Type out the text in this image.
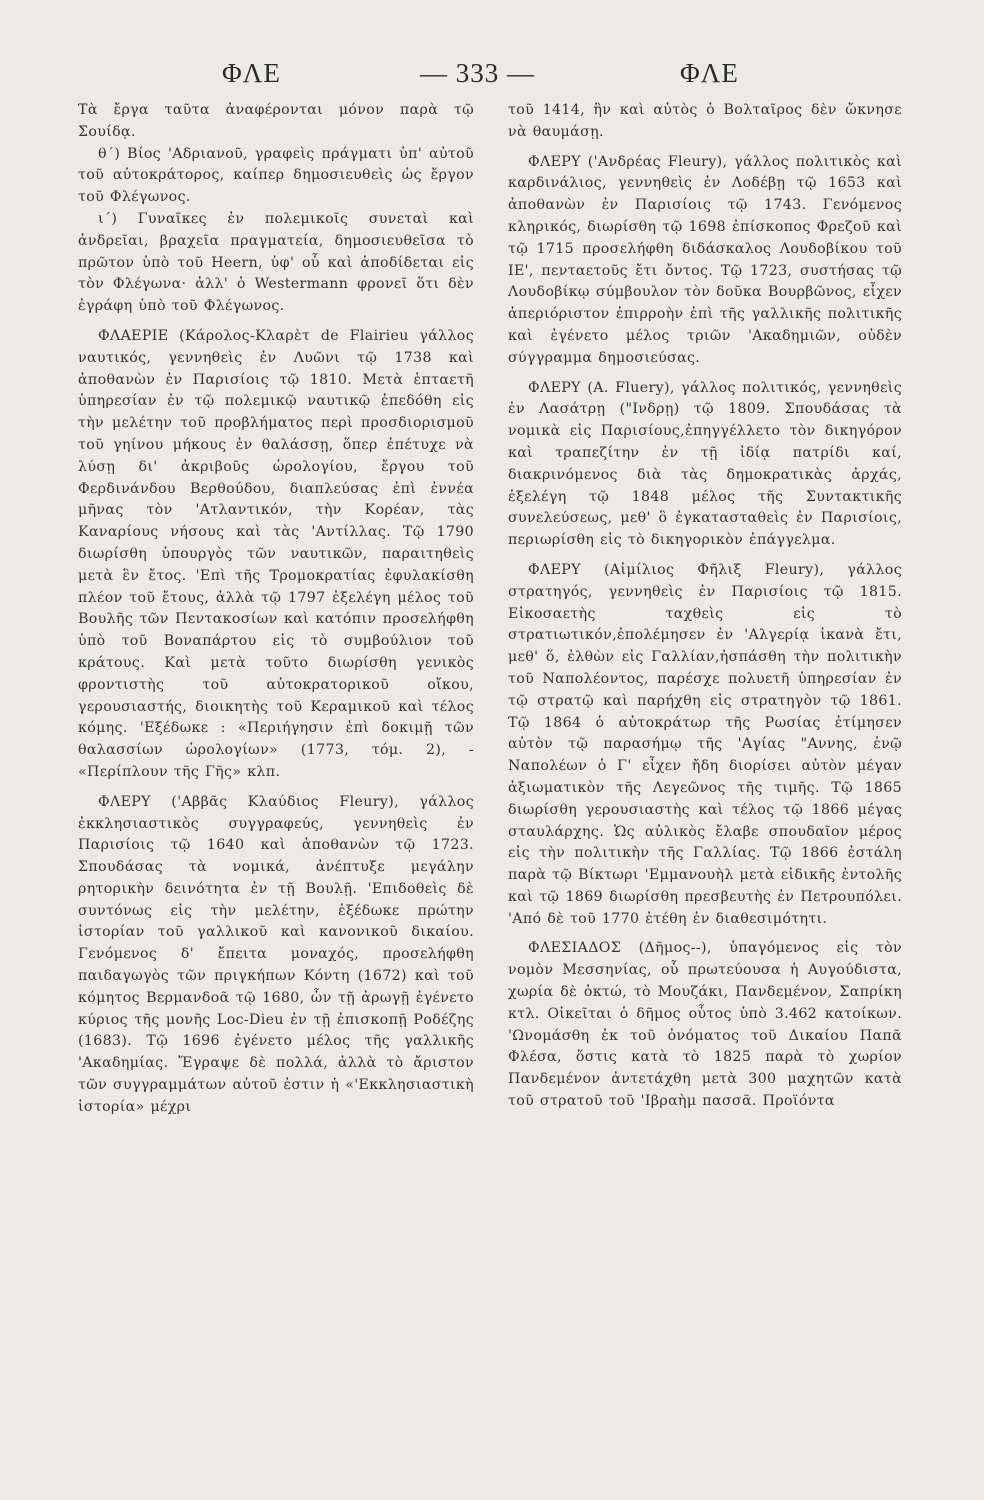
ΦΛΕ	— 333 —	ΦΛΕ

Τὰ ἔργα ταῦτα ἀναφέρονται μόνον παρὰ τῷ Σουίδᾳ.

θ΄) Βίος 'Αδριανοῦ, γραφεὶς πράγματι ὑπ' αὐτοῦ τοῦ αὐτοκράτορος, καίπερ δημοσιευθεὶς ὡς ἔργον τοῦ Φλέγωνος.

ι΄) Γυναῖκες ἐν πολεμικοῖς συνεταὶ καὶ ἀνδρεῖαι, βραχεῖα πραγματεία, δημοσιευθεῖσα τὸ πρῶτον ὑπὸ τοῦ Heern, ὑφ' οὗ καὶ ἀποδίδεται εἰς τὸν Φλέγωνα· ἀλλ' ὁ Westermann φρονεῖ ὅτι δὲν ἐγράφη ὑπὸ τοῦ Φλέγωνος.

ΦΛΑΕΡΙΕ (Κάρολος-Κλαρὲτ de Flairieu γάλλος ναυτικός, γεννηθεὶς ἐν Λυῶνι τῷ 1738 καὶ ἀποθανὼν ἐν Παρισίοις τῷ 1810. Μετὰ ἑπταετῆ ὑπηρεσίαν ἐν τῷ πολεμικῷ ναυτικῷ ἐπεδόθη εἰς τὴν μελέτην τοῦ προβλήματος περὶ προσδιορισμοῦ τοῦ γηίνου μήκους ἐν θαλάσσῃ, ὅπερ ἐπέτυχε νὰ λύσῃ δι' ἀκριβοῦς ὡρολογίου, ἔργου τοῦ Φερδινάνδου Βερθούδου, διαπλεύσας ἐπὶ ἐννέα μῆνας τὸν 'Ατλαντικόν, τὴν Κορέαν, τὰς Καναρίους νήσους καὶ τὰς 'Αντίλλας. Τῷ 1790 διωρίσθη ὑπουργὸς τῶν ναυτικῶν, παραιτηθεὶς μετὰ ἓν ἔτος. 'Επὶ τῆς Τρομοκρατίας ἐφυλακίσθη πλέον τοῦ ἔτους, ἀλλὰ τῷ 1797 ἐξελέγη μέλος τοῦ Βουλῆς τῶν Πεντακοσίων καὶ κατόπιν προσελήφθη ὑπὸ τοῦ Βοναπάρτου εἰς τὸ συμβούλιον τοῦ κράτους. Καὶ μετὰ τοῦτο διωρίσθη γενικὸς φροντιστὴς τοῦ αὐτοκρατορικοῦ οἴκου, γερουσιαστής, διοικητὴς τοῦ Κεραμικοῦ καὶ τέλος κόμης. 'Εξέδωκε : «Περιήγησιν ἐπὶ δοκιμῇ τῶν θαλασσίων ὡρολογίων» (1773, τόμ. 2), - «Περίπλουν τῆς Γῆς» κλπ.

ΦΛΕΡΥ ('Αββᾶς Κλαύδιος Fleury), γάλλος ἐκκλησιαστικὸς συγγραφεύς, γεννηθεὶς ἐν Παρισίοις τῷ 1640 καὶ ἀποθανὼν τῷ 1723. Σπουδάσας τὰ νομικά, ἀνέπτυξε μεγάλην ρητορικὴν δεινότητα ἐν τῇ Βουλῇ. 'Επιδοθεὶς δὲ συντόνως εἰς τὴν μελέτην, ἐξέδωκε πρώτην ἱστορίαν τοῦ γαλλικοῦ καὶ κανονικοῦ δικαίου. Γενόμενος δ' ἔπειτα μοναχός, προσελήφθη παιδαγωγὸς τῶν πριγκήπων Κόντη (1672) καὶ τοῦ κόμητος Βερμανδοᾶ τῷ 1680, ὧν τῇ ἀρωγῇ ἐγένετο κύριος τῆς μονῆς Loc-Dieu ἐν τῇ ἐπισκοπῇ Ροδέζης (1683). Τῷ 1696 ἐγένετο μέλος τῆς γαλλικῆς 'Ακαδημίας. Ἔγραψε δὲ πολλά, ἀλλὰ τὸ ἄριστον τῶν συγγραμμάτων αὐτοῦ ἐστιν ἡ «'Εκκλησιαστικὴ ἱστορία» μέχρι

τοῦ 1414, ἣν καὶ αὐτὸς ὁ Βολταῖρος δὲν ὤκνησε νὰ θαυμάσῃ.

ΦΛΕΡΥ ('Ανδρέας Fleury), γάλλος πολιτικὸς καὶ καρδινάλιος, γεννηθεὶς ἐν Λοδέβῃ τῷ 1653 καὶ ἀποθανὼν ἐν Παρισίοις τῷ 1743. Γενόμενος κληρικός, διωρίσθη τῷ 1698 ἐπίσκοπος Φρεζοῦ καὶ τῷ 1715 προσελήφθη διδάσκαλος Λουδοβίκου τοῦ ΙΕ', πενταετοῦς ἔτι ὄντος. Τῷ 1723, συστήσας τῷ Λουδοβίκῳ σύμβουλον τὸν δοῦκα Βουρβῶνος, εἶχεν ἀπεριόριστον ἐπιρροὴν ἐπὶ τῆς γαλλικῆς πολιτικῆς καὶ ἐγένετο μέλος τριῶν 'Ακαδημιῶν, οὐδὲν σύγγραμμα δημοσιεύσας.

ΦΛΕΡΥ (Α. Fluery), γάλλος πολιτικός, γεννηθεὶς ἐν Λασάτρῃ ("Ινδρῃ) τῷ 1809. Σπουδάσας τὰ νομικὰ εἰς Παρισίους,ἐπηγγέλλετο τὸν δικηγόρον καὶ τραπεζίτην ἐν τῇ ἰδίᾳ πατρίδι καί, διακρινόμενος διὰ τὰς δημοκρατικὰς ἀρχάς, ἐξελέγη τῷ 1848 μέλος τῆς Συντακτικῆς συνελεύσεως, μεθ' ὃ ἐγκατασταθεὶς ἐν Παρισίοις, περιωρίσθη εἰς τὸ δικηγορικὸν ἐπάγγελμα.

ΦΛΕΡΥ (Αἰμίλιος Φῆλιξ Fleury), γάλλος στρατηγός, γεννηθεὶς ἐν Παρισίοις τῷ 1815. Εἰκοσαετὴς ταχθεὶς εἰς τὸ στρατιωτικόν,ἐπολέμησεν ἐν 'Αλγερίᾳ ἱκανὰ ἔτι, μεθ' ὅ, ἐλθὼν εἰς Γαλλίαν,ἠσπάσθη τὴν πολιτικὴν τοῦ Ναπολέοντος, παρέσχε πολυετῆ ὑπηρεσίαν ἐν τῷ στρατῷ καὶ παρήχθη εἰς στρατηγὸν τῷ 1861. Τῷ 1864 ὁ αὐτοκράτωρ τῆς Ρωσίας ἐτίμησεν αὐτὸν τῷ παρασήμῳ τῆς 'Αγίας "Αννης, ἐνῷ Ναπολέων ὁ Γ' εἶχεν ἤδη διορίσει αὐτὸν μέγαν ἀξιωματικὸν τῆς Λεγεῶνος τῆς τιμῆς. Τῷ 1865 διωρίσθη γερουσιαστὴς καὶ τέλος τῷ 1866 μέγας σταυλάρχης. Ὡς αὐλικὸς ἔλαβε σπουδαῖον μέρος εἰς τὴν πολιτικὴν τῆς Γαλλίας. Τῷ 1866 ἐστάλη παρὰ τῷ Βίκτωρι 'Εμμανουὴλ μετὰ εἰδικῆς ἐντολῆς καὶ τῷ 1869 διωρίσθη πρεσβευτὴς ἐν Πετρουπόλει. 'Από δὲ τοῦ 1770 ἐτέθη ἐν διαθεσιμότητι.

ΦΛΕΣΙΑΔΟΣ (Δῆμος--), ὑπαγόμενος εἰς τὸν νομὸν Μεσσηνίας, οὗ πρωτεύουσα ἡ Αυγούδιστα, χωρία δὲ ὀκτώ, τὸ Μουζάκι, Πανδεμένον, Σαπρίκη κτλ. Οἰκεῖται ὁ δῆμος οὗτος ὑπὸ 3.462 κατοίκων. 'Ωνομάσθη ἐκ τοῦ ὀνόματος τοῦ Δικαίου Παπᾶ Φλέσα, ὅστις κατὰ τὸ 1825 παρὰ τὸ χωρίον Πανδεμένον ἀντετάχθη μετὰ 300 μαχητῶν κατὰ τοῦ στρατοῦ τοῦ 'Ιβραὴμ πασσᾶ. Προϊόντα
